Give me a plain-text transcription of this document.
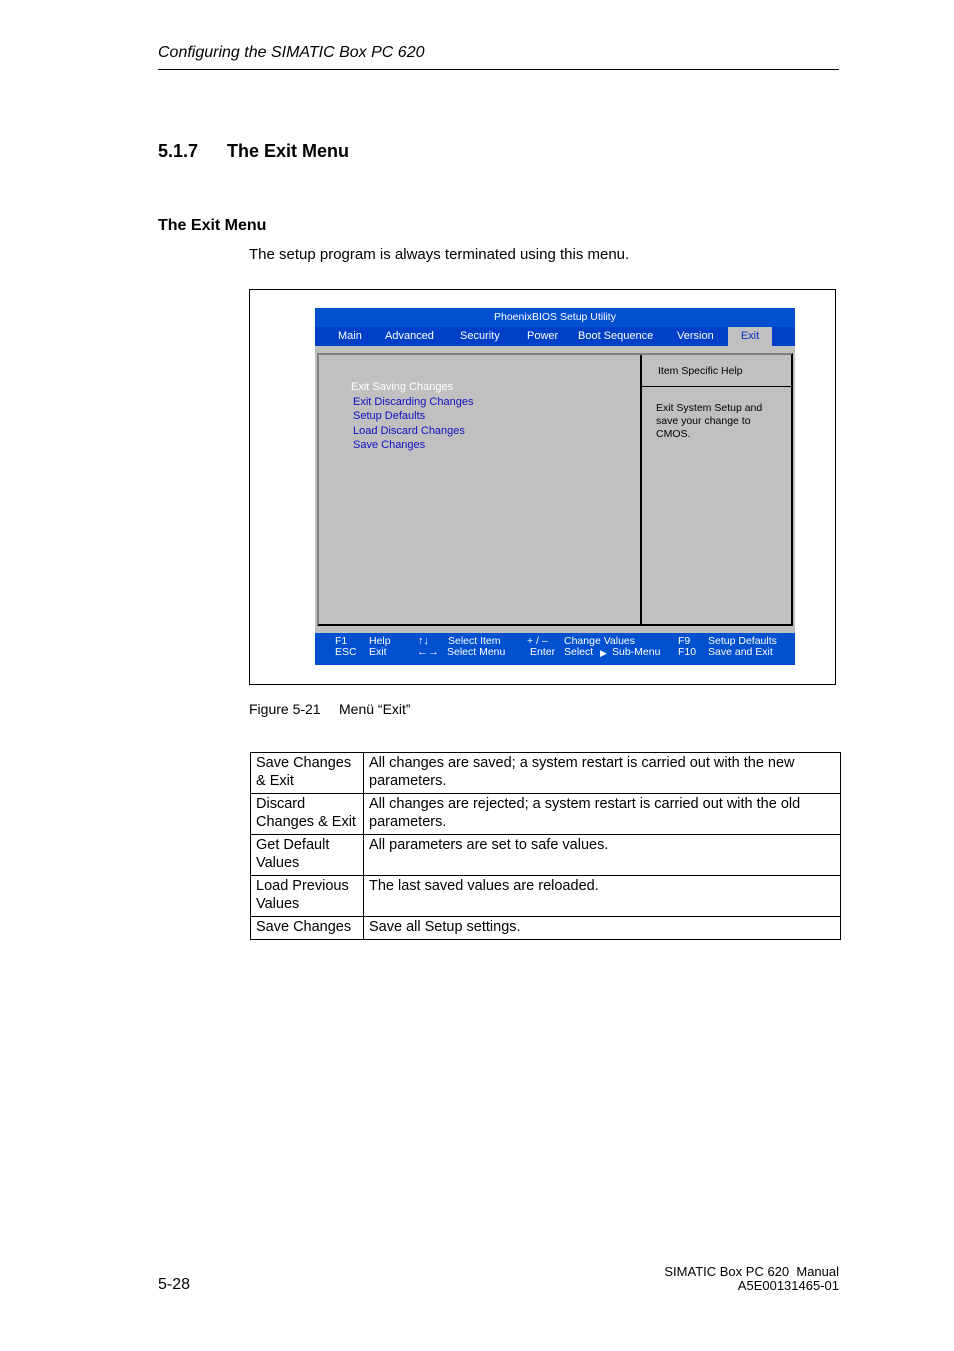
Configuring the SIMATIC Box PC 620
5.1.7 The Exit Menu
The Exit Menu
The setup program is always terminated using this menu.
PhoenixBIOS Setup Utility
Main Advanced Security Power Boot Sequence Version	Exit
Exit Saving Changes
Exit Discarding Changes
Setup Defaults
Load Discard Changes
Save Changes
Item Specific Help
Exit System Setup and save your change to CMOS.
F1 Help
ESC Exit
↑↓ Select Item
←→ Select Menu
+ / – Change Values
Enter Select ▶ Sub-Menu
F9 Setup Defaults
F10 Save and Exit
Figure 5-21 Menü “Exit”
Save Changes & Exit	All changes are saved; a system restart is carried out with the new parameters.
Discard Changes & Exit	All changes are rejected; a system restart is carried out with the old parameters.
Get Default Values	All parameters are set to safe values.
Load Previous Values	The last saved values are reloaded.
Save Changes	Save all Setup settings.
5-28
SIMATIC Box PC 620  Manual
A5E00131465-01
